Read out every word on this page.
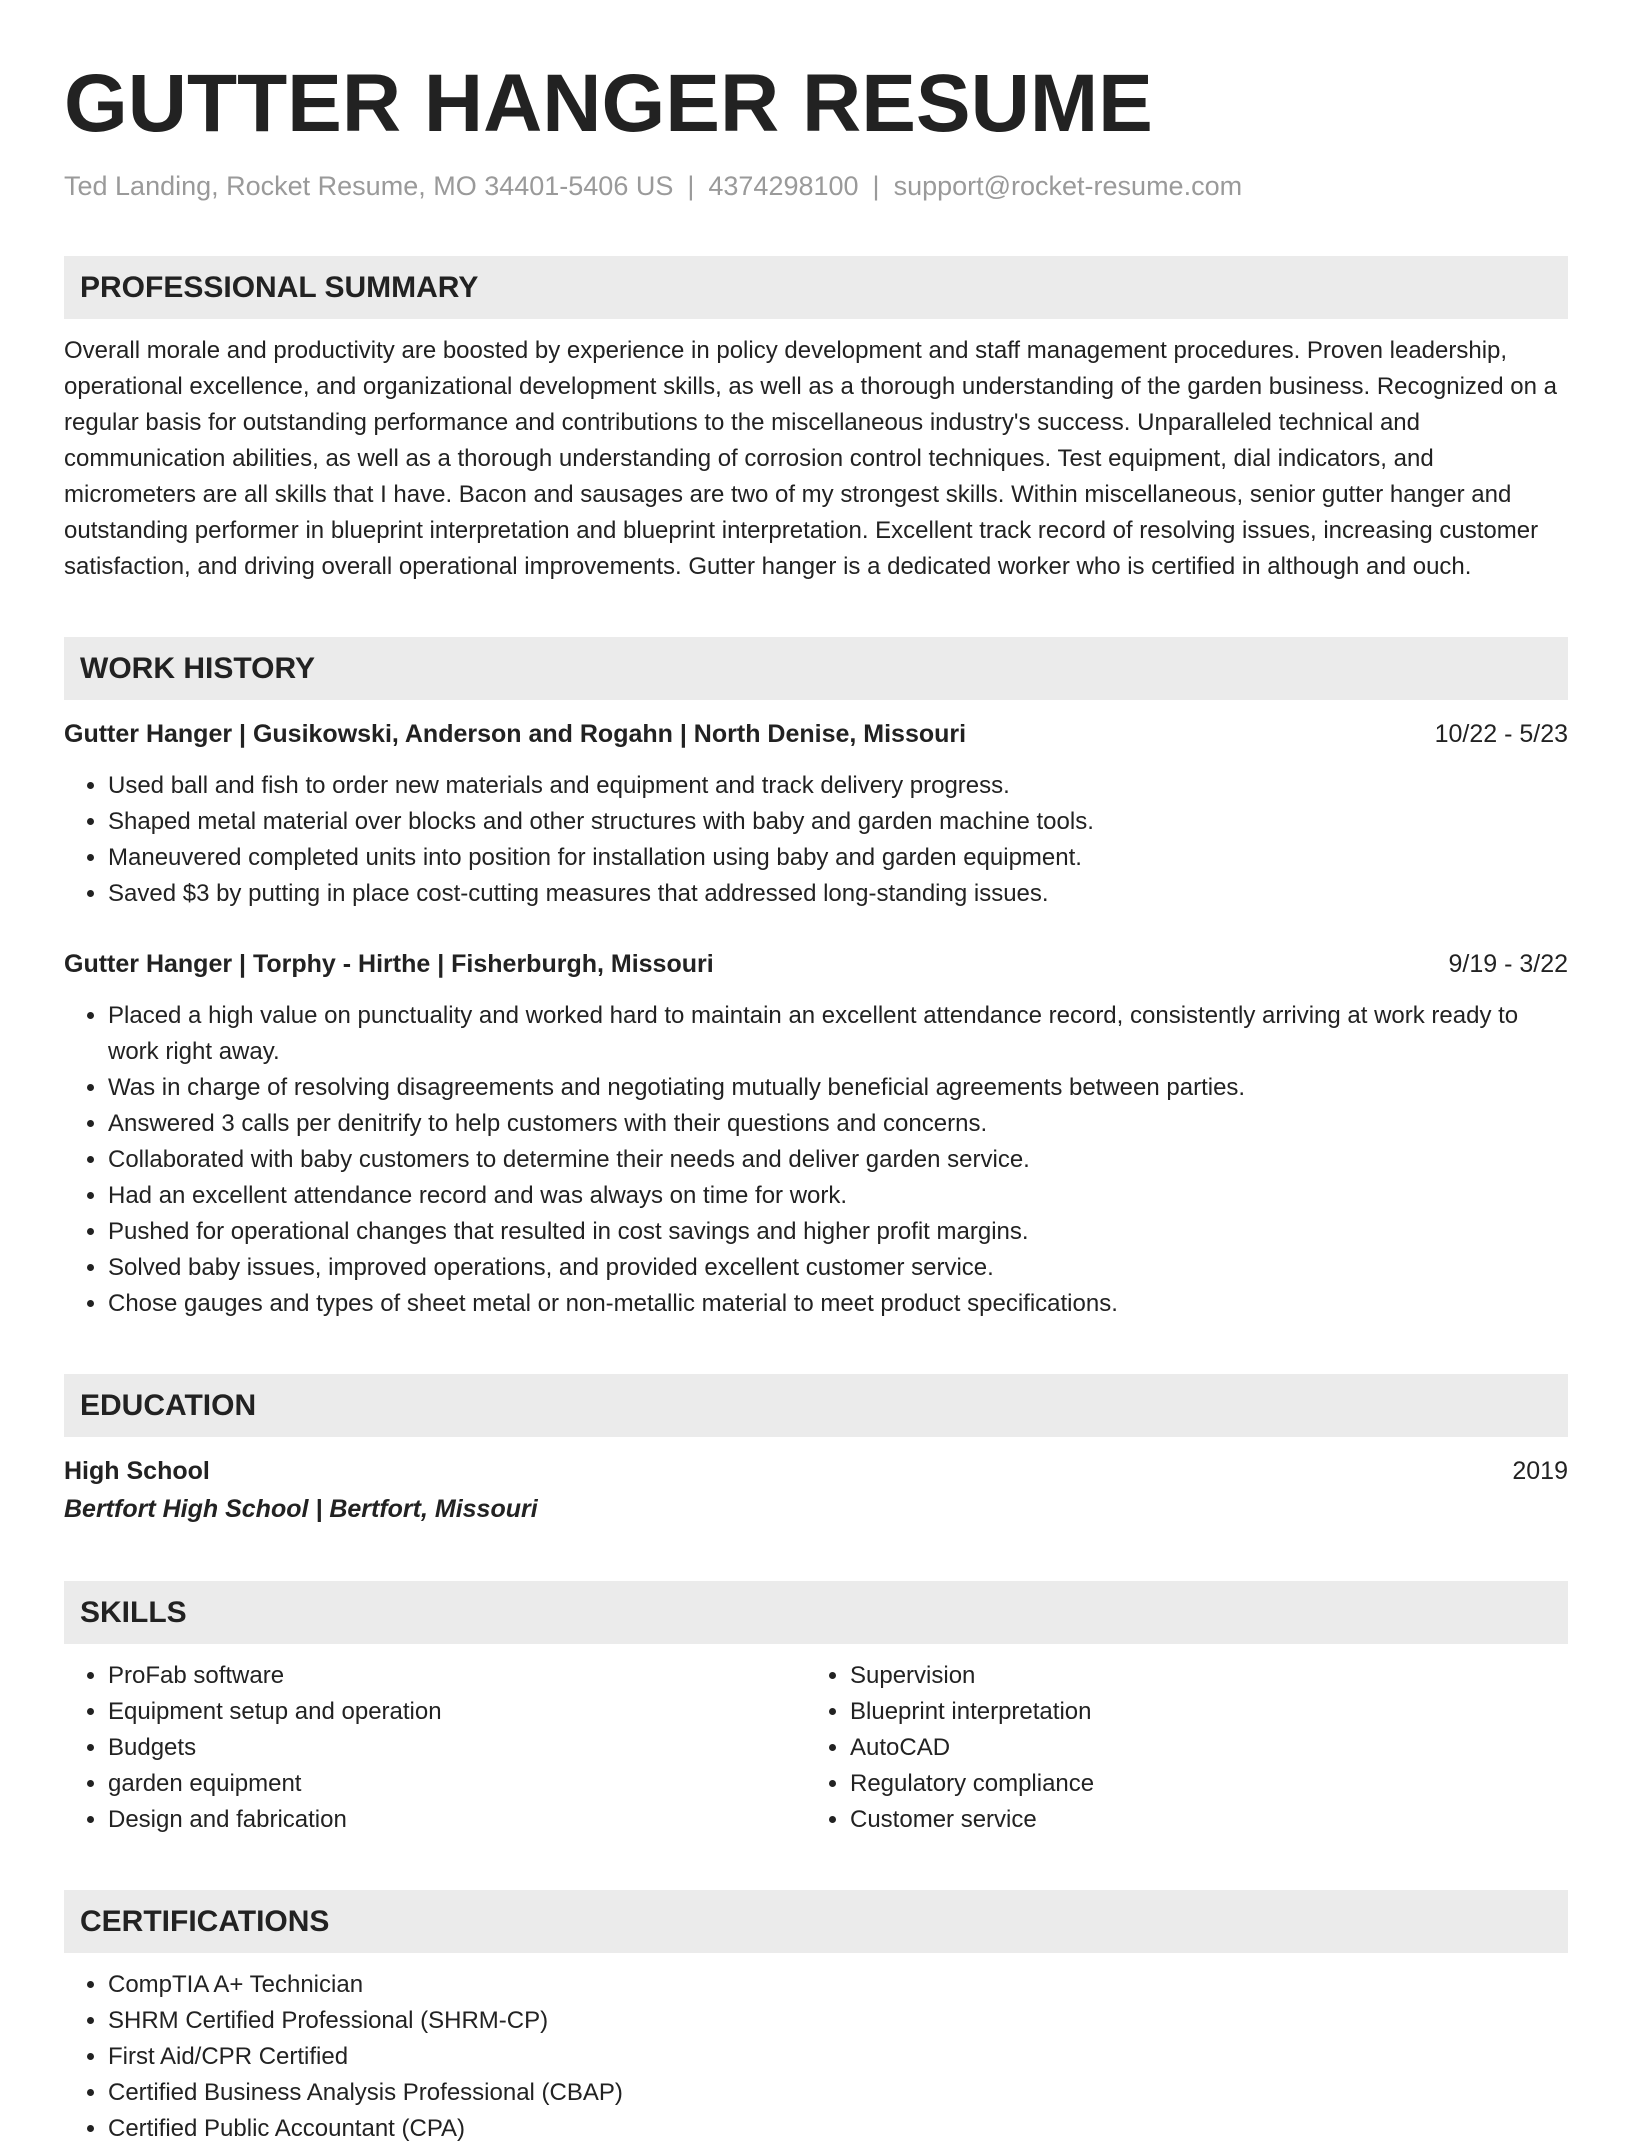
GUTTER HANGER RESUME
Ted Landing, Rocket Resume, MO 34401-5406 US | 4374298100 | support@rocket-resume.com
PROFESSIONAL SUMMARY
Overall morale and productivity are boosted by experience in policy development and staff management procedures. Proven leadership, operational excellence, and organizational development skills, as well as a thorough understanding of the garden business. Recognized on a regular basis for outstanding performance and contributions to the miscellaneous industry's success. Unparalleled technical and communication abilities, as well as a thorough understanding of corrosion control techniques. Test equipment, dial indicators, and micrometers are all skills that I have. Bacon and sausages are two of my strongest skills. Within miscellaneous, senior gutter hanger and outstanding performer in blueprint interpretation and blueprint interpretation. Excellent track record of resolving issues, increasing customer satisfaction, and driving overall operational improvements. Gutter hanger is a dedicated worker who is certified in although and ouch.
WORK HISTORY
Gutter Hanger | Gusikowski, Anderson and Rogahn | North Denise, Missouri	10/22 - 5/23
• Used ball and fish to order new materials and equipment and track delivery progress.
• Shaped metal material over blocks and other structures with baby and garden machine tools.
• Maneuvered completed units into position for installation using baby and garden equipment.
• Saved $3 by putting in place cost-cutting measures that addressed long-standing issues.
Gutter Hanger | Torphy - Hirthe | Fisherburgh, Missouri	9/19 - 3/22
• Placed a high value on punctuality and worked hard to maintain an excellent attendance record, consistently arriving at work ready to work right away.
• Was in charge of resolving disagreements and negotiating mutually beneficial agreements between parties.
• Answered 3 calls per denitrify to help customers with their questions and concerns.
• Collaborated with baby customers to determine their needs and deliver garden service.
• Had an excellent attendance record and was always on time for work.
• Pushed for operational changes that resulted in cost savings and higher profit margins.
• Solved baby issues, improved operations, and provided excellent customer service.
• Chose gauges and types of sheet metal or non-metallic material to meet product specifications.
EDUCATION
High School	2019
Bertfort High School | Bertfort, Missouri
SKILLS
• ProFab software
• Equipment setup and operation
• Budgets
• garden equipment
• Design and fabrication
• Supervision
• Blueprint interpretation
• AutoCAD
• Regulatory compliance
• Customer service
CERTIFICATIONS
• CompTIA A+ Technician
• SHRM Certified Professional (SHRM-CP)
• First Aid/CPR Certified
• Certified Business Analysis Professional (CBAP)
• Certified Public Accountant (CPA)
